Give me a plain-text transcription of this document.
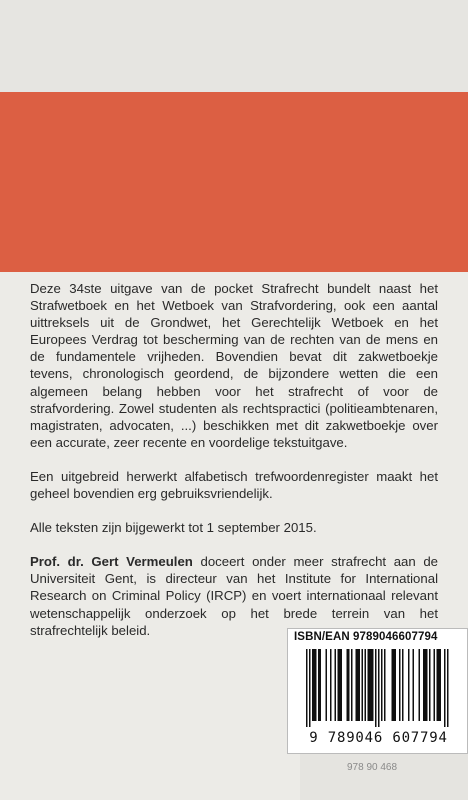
Deze 34ste uitgave van de pocket Strafrecht bundelt naast het Strafwetboek en het Wetboek van Strafvordering, ook een aantal uittreksels uit de Grondwet, het Gerechtelijk Wetboek en het Europees Verdrag tot bescherming van de rechten van de mens en de fundamentele vrijheden. Bovendien bevat dit zakwetboekje tevens, chronologisch geordend, de bijzondere wetten die een algemeen belang hebben voor het strafrecht of voor de strafvordering. Zowel studenten als rechtspractici (politieambtenaren, magistraten, advocaten, ...) beschikken met dit zakwetboekje over een accurate, zeer recente en voordelige tekstuitgave.

Een uitgebreid herwerkt alfabetisch trefwoordenregister maakt het geheel bovendien erg gebruiksvriendelijk.

Alle teksten zijn bijgewerkt tot 1 september 2015.

Prof. dr. Gert Vermeulen doceert onder meer strafrecht aan de Universiteit Gent, is directeur van het Institute for International Research on Criminal Policy (IRCP) en voert internationaal relevant wetenschappelijk onderzoek op het brede terrein van het strafrechtelijk beleid.

978 90 468
ISBN/EAN 9789046607794
9 789046 607794
